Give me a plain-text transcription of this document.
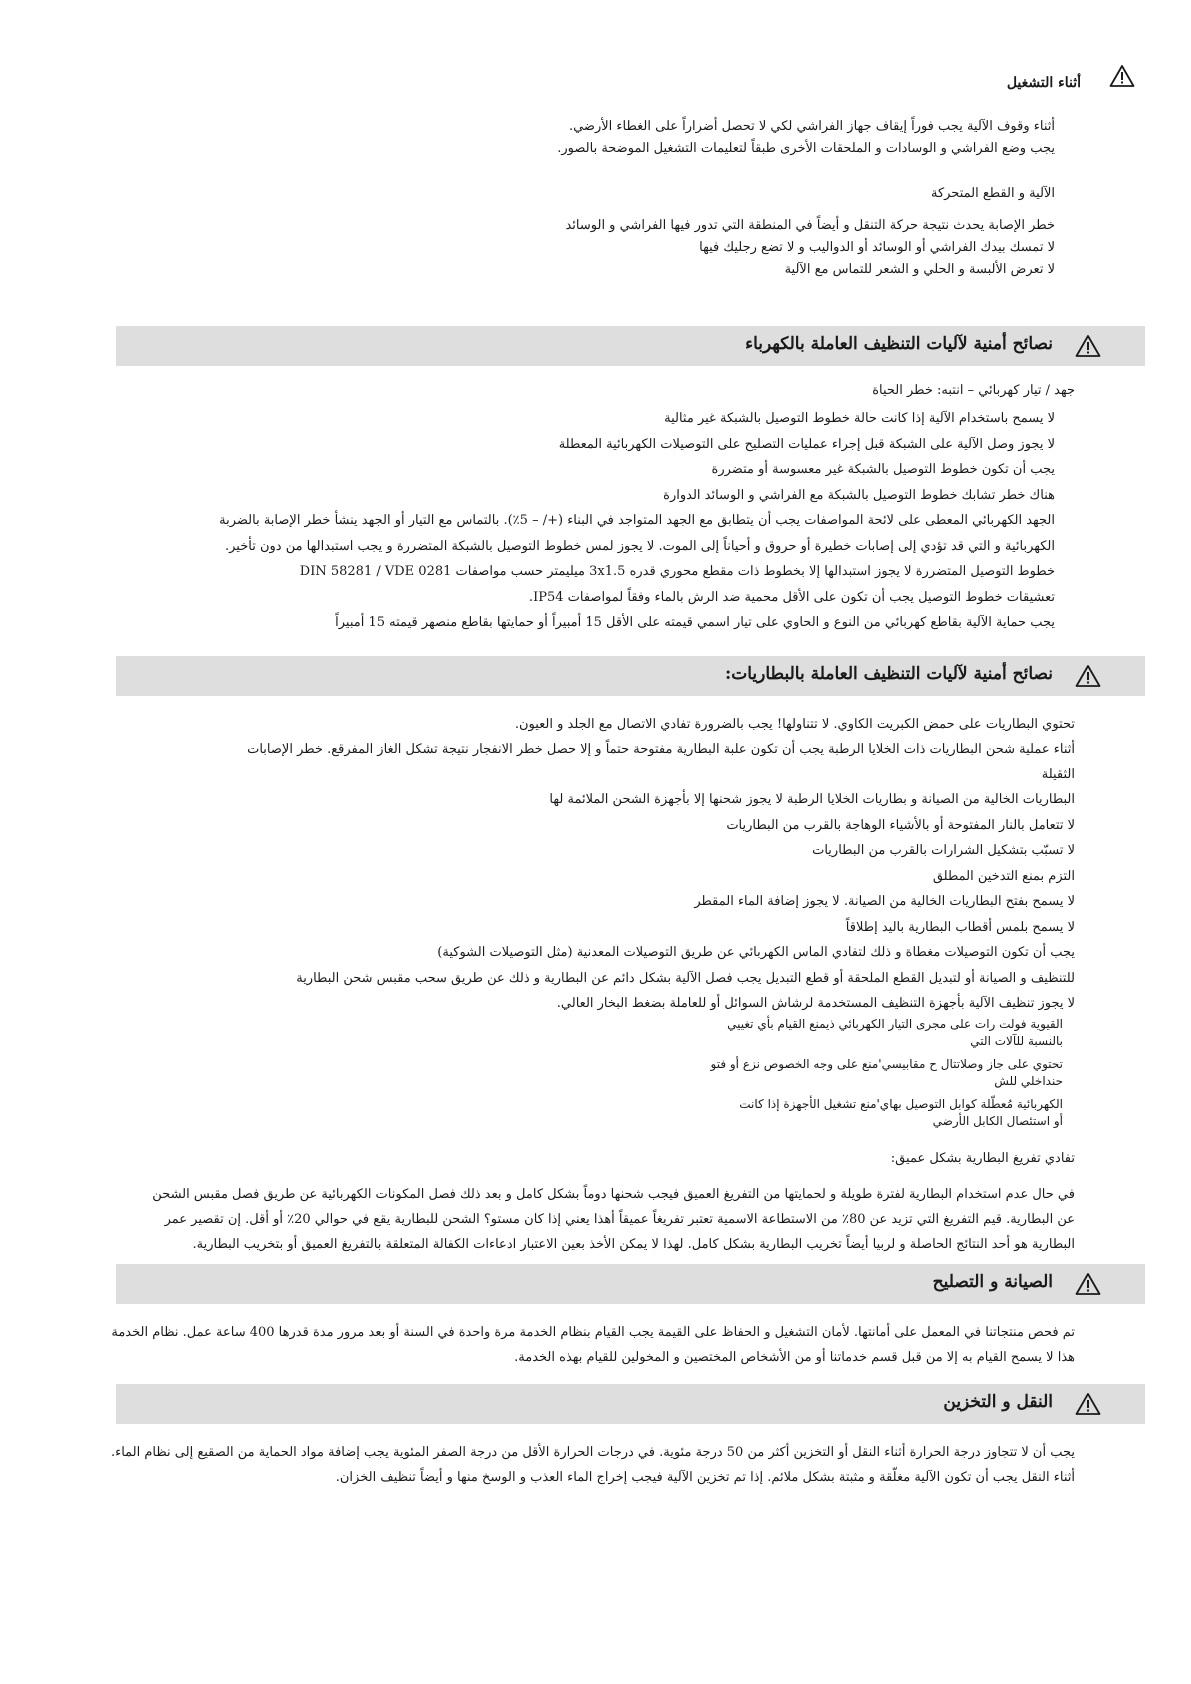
أثناء التشغيل
أثناء وقوف الآلية يجب فوراً إيقاف جهاز الفراشي لكي لا تحصل أضراراً على الغطاء الأرضي.
يجب وضع الفراشي و الوسادات و الملحقات الأخرى طبقاً لتعليمات التشغيل الموضحة بالصور.
الآلية و القطع المتحركة
خطر الإصابة يحدث نتيجة حركة التنقل و أيضاً في المنطقة التي تدور فيها الفراشي و الوسائد
لا تمسك بيدك الفراشي أو الوسائد أو الدواليب و لا تضع رجليك فيها
لا تعرض الألبسة و الحلي و الشعر للتماس مع الآلية
نصائح أمنية لآليات التنظيف العاملة بالكهرباء
جهد / تيار كهربائي – انتبه: خطر الحياة
لا يسمح باستخدام الآلية إذا كانت حالة خطوط التوصيل بالشبكة غير مثالية
لا يجوز وصل الآلية على الشبكة قبل إجراء عمليات التصليح على التوصيلات الكهربائية المعطلة
يجب أن تكون خطوط التوصيل بالشبكة غير معسوسة أو متضررة
هناك خطر تشابك خطوط التوصيل بالشبكة مع الفراشي و الوسائد الدوارة
الجهد الكهربائي المعطى على لائحة المواصفات يجب أن يتطابق مع الجهد المتواجد في البناء (+/ – 5٪). بالتماس مع التيار أو الجهد ينشأ خطر الإصابة بالضربة
الكهربائية و التي قد تؤدي إلى إصابات خطيرة أو حروق و أحياناً إلى الموت. لا يجوز لمس خطوط التوصيل بالشبكة المتضررة و يجب استبدالها من دون تأخير.
خطوط التوصيل المتضررة لا يجوز استبدالها إلا بخطوط ذات مقطع محوري قدره 3x1.5 ميليمتر حسب مواصفات DIN 58281 / VDE 0281
تعشيقات خطوط التوصيل يجب أن تكون على الأقل محمية ضد الرش بالماء وفقاً لمواصفات IP54.
يجب حماية الآلية بقاطع كهربائي من النوع و الحاوي على تيار اسمي قيمته على الأقل 15 أمبيراً أو حمايتها بقاطع منصهر قيمته 15 أمبيراً
نصائح أمنية لآليات التنظيف العاملة بالبطاريات:
تحتوي البطاريات على حمض الكبريت الكاوي. لا تتناولها! يجب بالضرورة تفادي الاتصال مع الجلد و العيون.
أثناء عملية شحن البطاريات ذات الخلايا الرطبة يجب أن تكون علبة البطارية مفتوحة حتماً و إلا حصل خطر الانفجار نتيجة تشكل الغاز المفرقع. خطر الإصابات
الثقيلة
البطاريات الخالية من الصيانة و بطاريات الخلايا الرطبة لا يجوز شحنها إلا بأجهزة الشحن الملائمة لها
لا تتعامل بالنار المفتوحة أو بالأشياء الوهاجة بالقرب من البطاريات
لا تسبّب بتشكيل الشرارات بالقرب من البطاريات
التزم بمنع التدخين المطلق
لا يسمح بفتح البطاريات الخالية من الصيانة. لا يجوز إضافة الماء المقطر
لا يسمح بلمس أقطاب البطارية باليد إطلاقاً
يجب أن تكون التوصيلات مغطاة و ذلك لتفادي الماس الكهربائي عن طريق التوصيلات المعدنية (مثل التوصيلات الشوكية)
للتنظيف و الصيانة أو لتبديل القطع الملحقة أو قطع التبديل يجب فصل الآلية بشكل دائم عن البطارية و ذلك عن طريق سحب مقبس شحن البطارية
لا يجوز تنظيف الآلية بأجهزة التنظيف المستخدمة لرشاش السوائل أو للعاملة بضغط البخار العالي.
القيوية فولت رات على مجرى التيار الكهربائي ذيمنع القيام بأي تغييي
بالنسبة للآلات التي
تحتوي على جاز وصلاتتال ح مقابيسي'منع على وجه الخصوص نزع أو فتو
حنداخلي للش
الكهربائية مُعطّلة كوابل التوصيل بهاي'منع تشغيل الأجهزة إذا كانت
أو استئصال الكابل الأرضي
تفادي تفريغ البطارية بشكل عميق:
في حال عدم استخدام البطارية لفترة طويلة و لحمايتها من التفريغ العميق فيجب شحنها دوماً بشكل كامل و بعد ذلك فصل المكونات الكهربائية عن طريق فصل مقبس الشحن
عن البطارية. قيم التفريغ التي تزيد عن 80٪ من الاستطاعة الاسمية تعتبر تفريغاً عميقاً أهذا يعني إذا كان مستو؟ الشحن للبطارية يقع في حوالي 20٪ أو أقل. إن تقصير عمر
البطارية هو أحد النتائج الحاصلة و لربيا أيضاً تخريب البطارية بشكل كامل. لهذا لا يمكن الأخذ بعين الاعتبار ادعاءات الكفالة المتعلقة بالتفريغ العميق أو بتخريب البطارية.
الصيانة و التصليح
تم فحص منتجاتنا في المعمل على أمانتها. لأمان التشغيل و الحفاظ على القيمة يجب القيام بنظام الخدمة مرة واحدة في السنة أو بعد مرور مدة قدرها 400 ساعة عمل. نظام الخدمة
هذا لا يسمح القيام به إلا من قبل قسم خدماتنا أو من الأشخاص المختصين و المخولين للقيام بهذه الخدمة.
النقل و التخزين
يجب أن لا تتجاوز درجة الحرارة أثناء النقل أو التخزين أكثر من 50 درجة مئوية. في درجات الحرارة الأقل من درجة الصفر المئوية يجب إضافة مواد الحماية من الصقيع إلى نظام الماء.
أثناء النقل يجب أن تكون الآلية مغلّقة و مثبتة بشكل ملائم. إذا تم تخزين الآلية فيجب إخراج الماء العذب و الوسخ منها و أيضاً تنظيف الخزان.
